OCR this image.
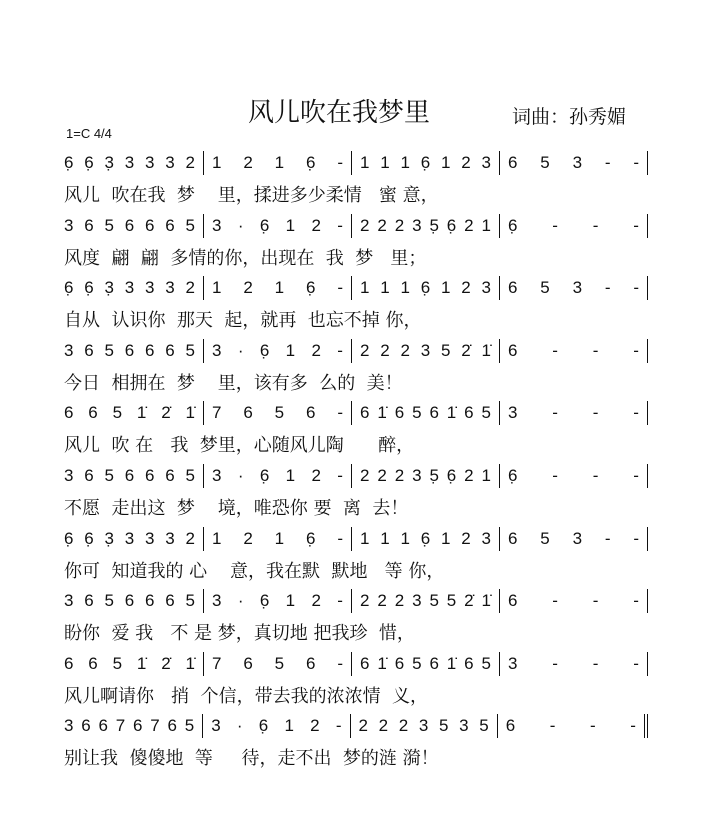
风儿吹在我梦里	词曲：孙秀媚
1=C 4/4
6̣ 6̣ 3̣ 3 3 3 2 1 2 1 6̣ - 1 1 1 6̣ 1 2 3 6 5 3 - -
风儿  吹在我  梦    里，揉进多少柔情   蜜 意，
3 6 5 6 6 6 5 3 · 6̣ 1 2 - 2 2 2 3 5̣ 6̣ 2 1 6̣ - - -
风度  翩  翩  多情的你，出现在  我  梦   里；
6̣ 6̣ 3̣ 3 3 3 2 1 2 1 6̣ - 1 1 1 6̣ 1 2 3 6 5 3 - -
自从  认识你  那天  起，就再  也忘不掉 你，
3 6 5 6 6 6 5 3 · 6̣ 1 2 - 2 2 2 3 5 2̇ 1̇ 6 - - -
今日  相拥在  梦    里，该有多  么的  美！
6 6 5 1̇ 2̇ 1̇ 7 6 5 6 - 6 1̇ 6 5 6 1̇ 6 5 3 - - -
风儿  吹 在   我  梦里，心随风儿陶      醉，
3 6 5 6 6 6 5 3 · 6̣ 1 2 - 2 2 2 3 5̣ 6̣ 2 1 6̣ - - -
不愿  走出这  梦    境，唯恐你 要  离  去！
6̣ 6̣ 3̣ 3 3 3 2 1 2 1 6̣ - 1 1 1 6̣ 1 2 3 6 5 3 - -
你可  知道我的 心    意，我在默  默地   等 你，
3 6 5 6 6 6 5 3 · 6̣ 1 2 - 2 2 2 3 5 5 2̇ 1̇ 6 - - -
盼你  爱 我   不 是 梦，真切地 把我珍  惜，
6 6 5 1̇ 2̇ 1̇ 7 6 5 6 - 6 1̇ 6 5 6 1̇ 6 5 3 - - -
风儿啊请你   捎  个信，带去我的浓浓情  义，
3 6 6 7 6 7 6 5 3 · 6̣ 1 2 - 2 2 2 3 5 3 5 6 - - -
别让我  傻傻地  等     待，走不出  梦的涟 漪！
